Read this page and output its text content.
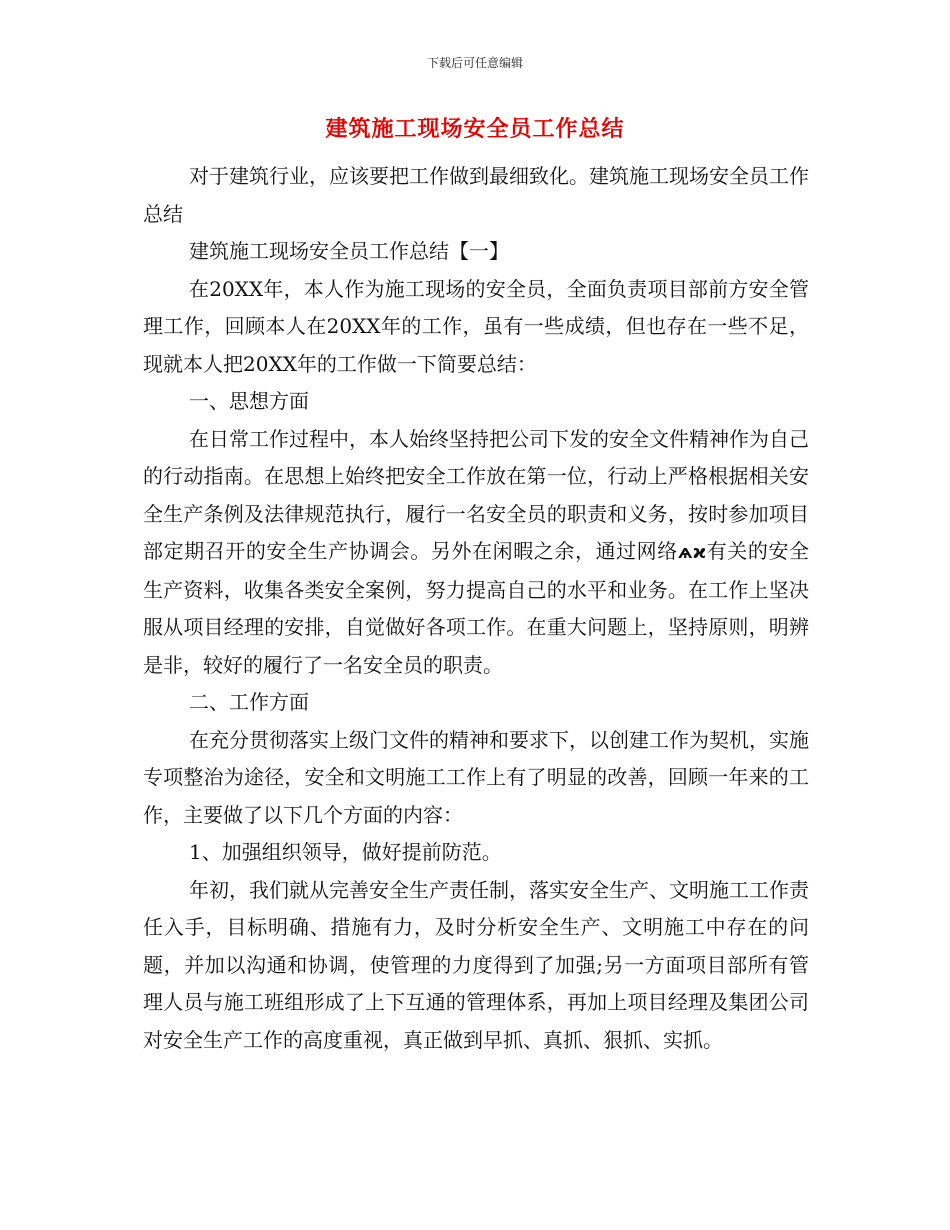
下载后可任意编辑
建筑施工现场安全员工作总结

对于建筑行业，应该要把工作做到最细致化。建筑施工现场安全员工作总结

建筑施工现场安全员工作总结【一】

在20XX年，本人作为施工现场的安全员，全面负责项目部前方安全管理工作，回顾本人在20XX年的工作，虽有一些成绩，但也存在一些不足，现就本人把20XX年的工作做一下简要总结：

一、思想方面

在日常工作过程中，本人始终坚持把公司下发的安全文件精神作为自己的行动指南。在思想上始终把安全工作放在第一位，行动上严格根据相关安全生产条例及法律规范执行，履行一名安全员的职责和义务，按时参加项目部定期召开的安全生产协调会。另外在闲暇之余，通过网络ѧϰ有关的安全生产资料，收集各类安全案例，努力提高自己的水平和业务。在工作上坚决服从项目经理的安排，自觉做好各项工作。在重大问题上，坚持原则，明辨是非，较好的履行了一名安全员的职责。

二、工作方面

在充分贯彻落实上级门文件的精神和要求下，以创建工作为契机，实施专项整治为途径，安全和文明施工工作上有了明显的改善，回顾一年来的工作，主要做了以下几个方面的内容：

1、加强组织领导，做好提前防范。

年初，我们就从完善安全生产责任制，落实安全生产、文明施工工作责任入手，目标明确、措施有力，及时分析安全生产、文明施工中存在的问题，并加以沟通和协调，使管理的力度得到了加强;另一方面项目部所有管理人员与施工班组形成了上下互通的管理体系，再加上项目经理及集团公司对安全生产工作的高度重视，真正做到早抓、真抓、狠抓、实抓。
